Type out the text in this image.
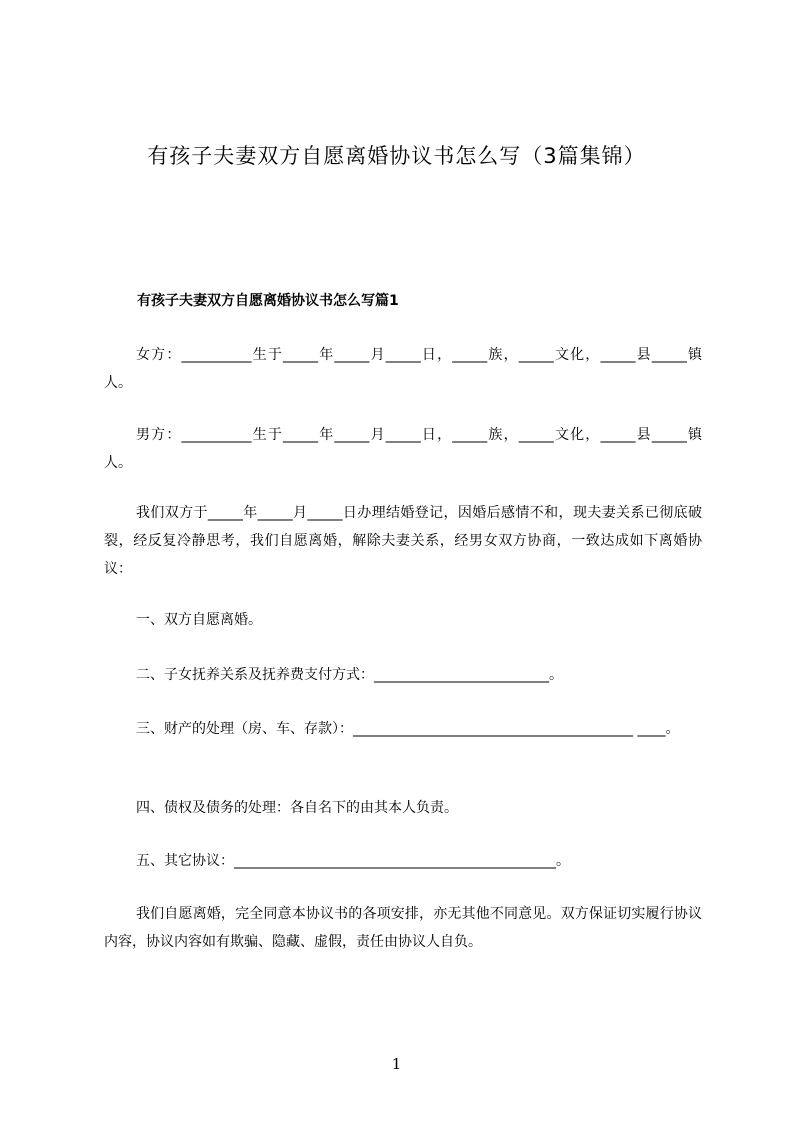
有孩子夫妻双方自愿离婚协议书怎么写（3篇集锦）
有孩子夫妻双方自愿离婚协议书怎么写篇1

女方：__________生于_____年_____月_____日，_____族，_____文化，_____县_____镇人。

男方：__________生于_____年_____月_____日，_____族，_____文化，_____县_____镇人。

我们双方于_____年_____月_____日办理结婚登记，因婚后感情不和，现夫妻关系已彻底破裂，经反复冷静思考，我们自愿离婚，解除夫妻关系，经男女双方协商，一致达成如下离婚协议：

一、双方自愿离婚。

二、子女抚养关系及抚养费支付方式：_________________________。

三、财产的处理（房、车、存款）：________________________________________ ____。

四、债权及债务的处理：各自名下的由其本人负责。

五、其它协议：______________________________________________。

我们自愿离婚，完全同意本协议书的各项安排，亦无其他不同意见。双方保证切实履行协议内容，协议内容如有欺骗、隐藏、虚假，责任由协议人自负。

1
